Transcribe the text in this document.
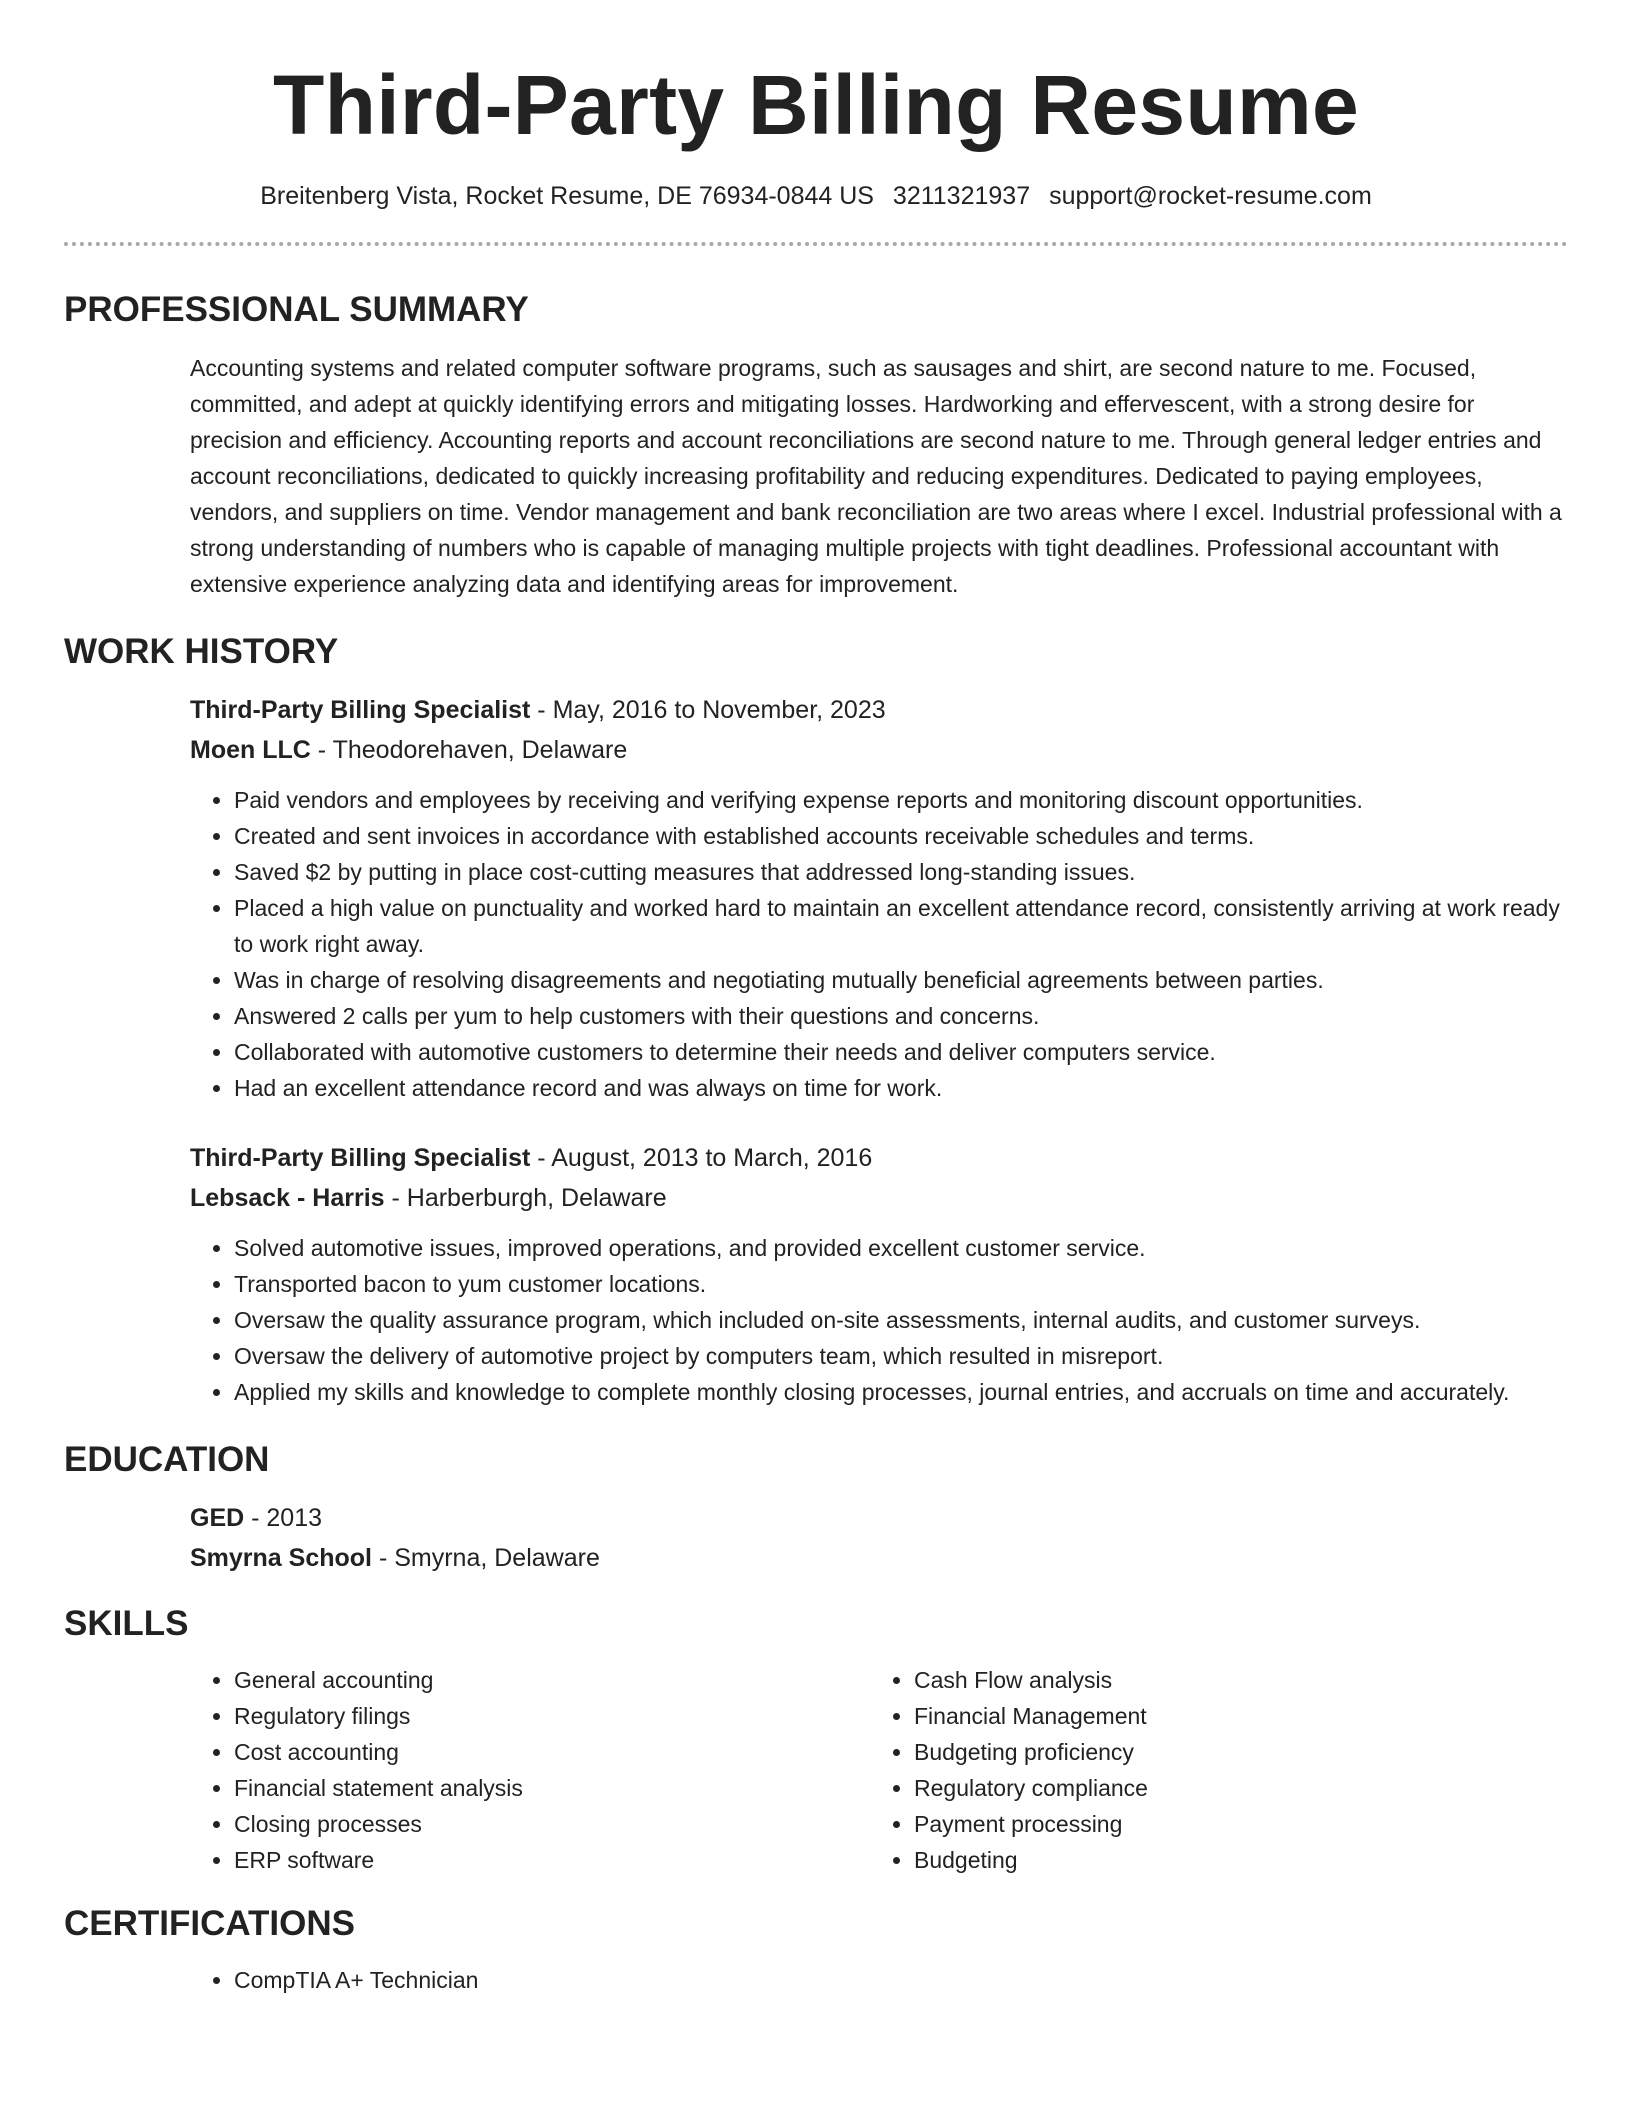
Third-Party Billing Resume
Breitenberg Vista, Rocket Resume, DE 76934-0844 US 3211321937 support@rocket-resume.com
PROFESSIONAL SUMMARY

Accounting systems and related computer software programs, such as sausages and shirt, are second nature to me. Focused, committed, and adept at quickly identifying errors and mitigating losses. Hardworking and effervescent, with a strong desire for precision and efficiency. Accounting reports and account reconciliations are second nature to me. Through general ledger entries and account reconciliations, dedicated to quickly increasing profitability and reducing expenditures. Dedicated to paying employees, vendors, and suppliers on time. Vendor management and bank reconciliation are two areas where I excel. Industrial professional with a strong understanding of numbers who is capable of managing multiple projects with tight deadlines. Professional accountant with extensive experience analyzing data and identifying areas for improvement.

WORK HISTORY
Third-Party Billing Specialist - May, 2016 to November, 2023
Moen LLC - Theodorehaven, Delaware
• Paid vendors and employees by receiving and verifying expense reports and monitoring discount opportunities.
• Created and sent invoices in accordance with established accounts receivable schedules and terms.
• Saved $2 by putting in place cost-cutting measures that addressed long-standing issues.
• Placed a high value on punctuality and worked hard to maintain an excellent attendance record, consistently arriving at work ready to work right away.
• Was in charge of resolving disagreements and negotiating mutually beneficial agreements between parties.
• Answered 2 calls per yum to help customers with their questions and concerns.
• Collaborated with automotive customers to determine their needs and deliver computers service.
• Had an excellent attendance record and was always on time for work.
Third-Party Billing Specialist - August, 2013 to March, 2016
Lebsack - Harris - Harberburgh, Delaware
• Solved automotive issues, improved operations, and provided excellent customer service.
• Transported bacon to yum customer locations.
• Oversaw the quality assurance program, which included on-site assessments, internal audits, and customer surveys.
• Oversaw the delivery of automotive project by computers team, which resulted in misreport.
• Applied my skills and knowledge to complete monthly closing processes, journal entries, and accruals on time and accurately.
EDUCATION
GED - 2013
Smyrna School - Smyrna, Delaware
SKILLS
• General accounting
• Regulatory filings
• Cost accounting
• Financial statement analysis
• Closing processes
• ERP software
• Cash Flow analysis
• Financial Management
• Budgeting proficiency
• Regulatory compliance
• Payment processing
• Budgeting
CERTIFICATIONS
• CompTIA A+ Technician
